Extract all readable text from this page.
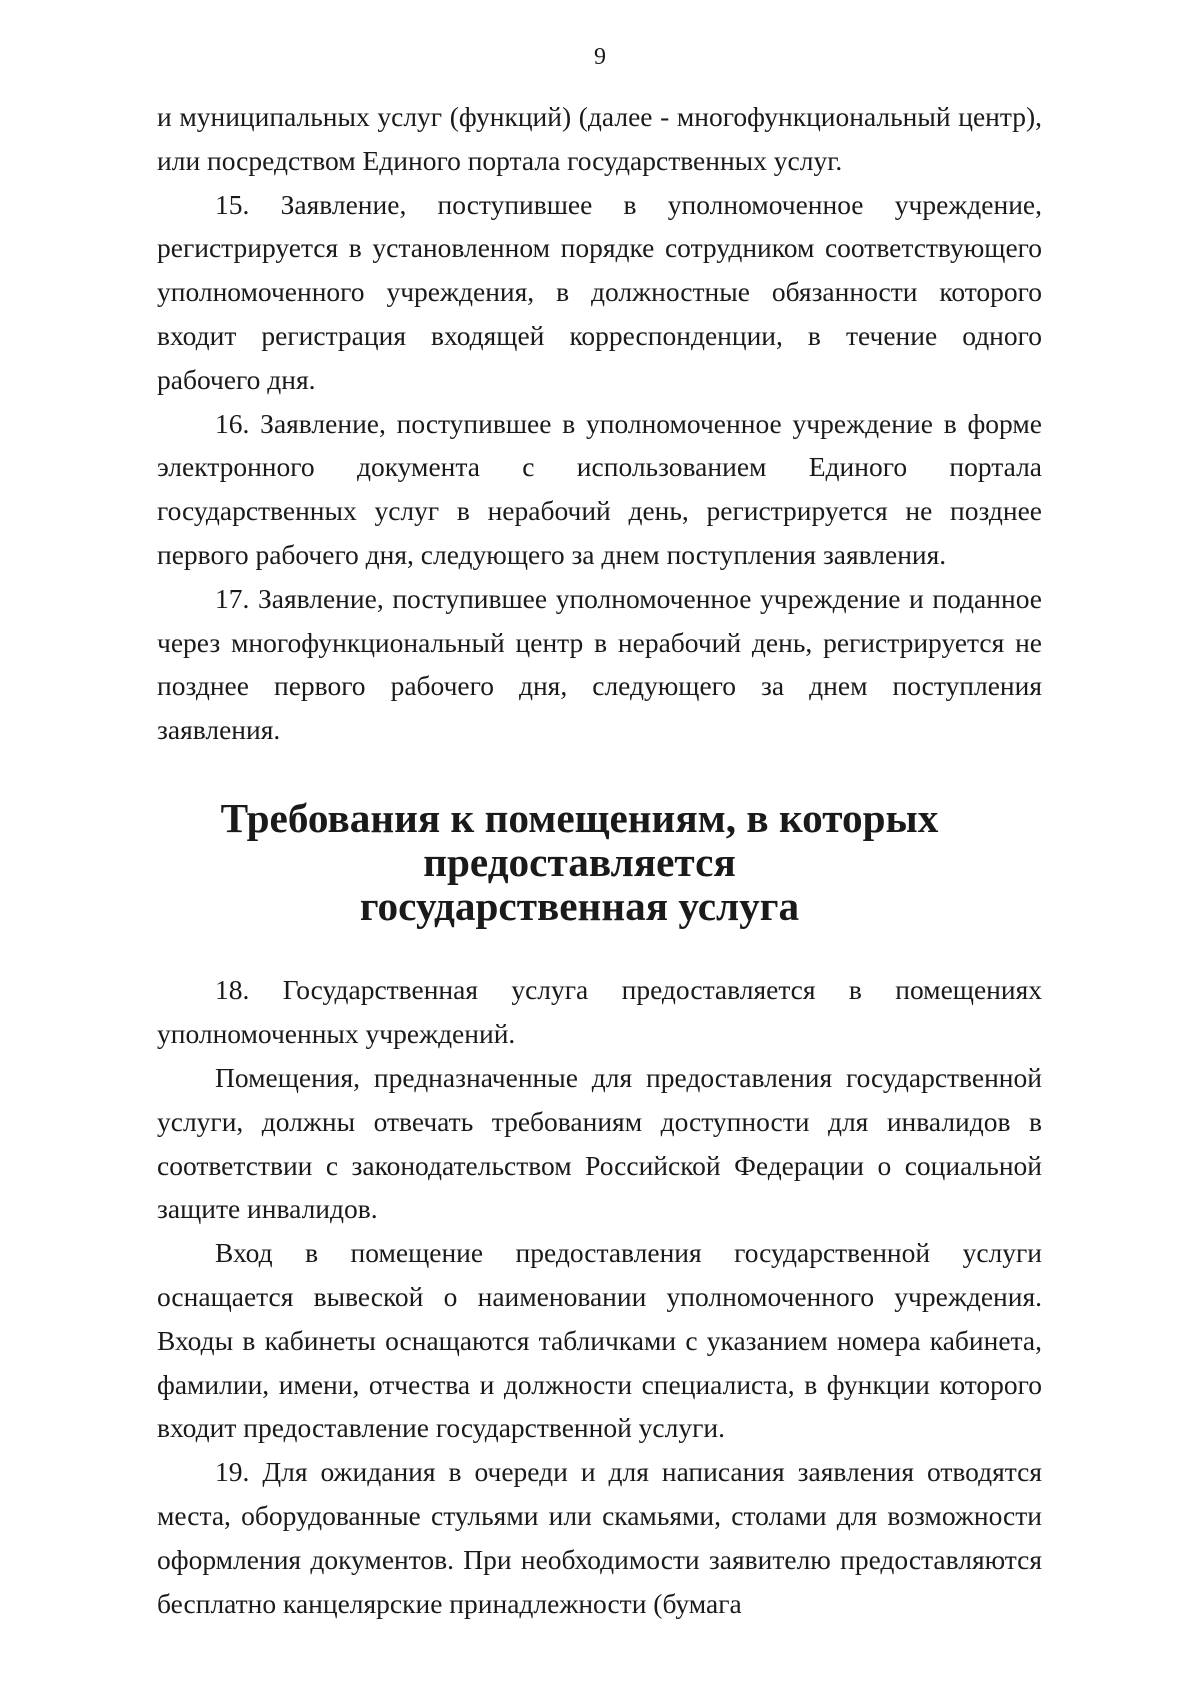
9

и муниципальных услуг (функций) (далее - многофункциональный центр), или посредством Единого портала государственных услуг.

15. Заявление, поступившее в уполномоченное учреждение, регистрируется в установленном порядке сотрудником соответствующего уполномоченного учреждения, в должностные обязанности которого входит регистрация входящей корреспонденции, в течение одного рабочего дня.

16. Заявление, поступившее в уполномоченное учреждение в форме электронного документа с использованием Единого портала государственных услуг в нерабочий день, регистрируется не позднее первого рабочего дня, следующего за днем поступления заявления.

17. Заявление, поступившее уполномоченное учреждение и поданное через многофункциональный центр в нерабочий день, регистрируется не позднее первого рабочего дня, следующего за днем поступления заявления.

Требования к помещениям, в которых предоставляется
государственная услуга

18. Государственная услуга предоставляется в помещениях уполномоченных учреждений.

Помещения, предназначенные для предоставления государственной услуги, должны отвечать требованиям доступности для инвалидов в соответствии с законодательством Российской Федерации о социальной защите инвалидов.

Вход в помещение предоставления государственной услуги оснащается вывеской о наименовании уполномоченного учреждения. Входы в кабинеты оснащаются табличками с указанием номера кабинета, фамилии, имени, отчества и должности специалиста, в функции которого входит предоставление государственной услуги.

19. Для ожидания в очереди и для написания заявления отводятся места, оборудованные стульями или скамьями, столами для возможности оформления документов. При необходимости заявителю предоставляются бесплатно канцелярские принадлежности (бумага
